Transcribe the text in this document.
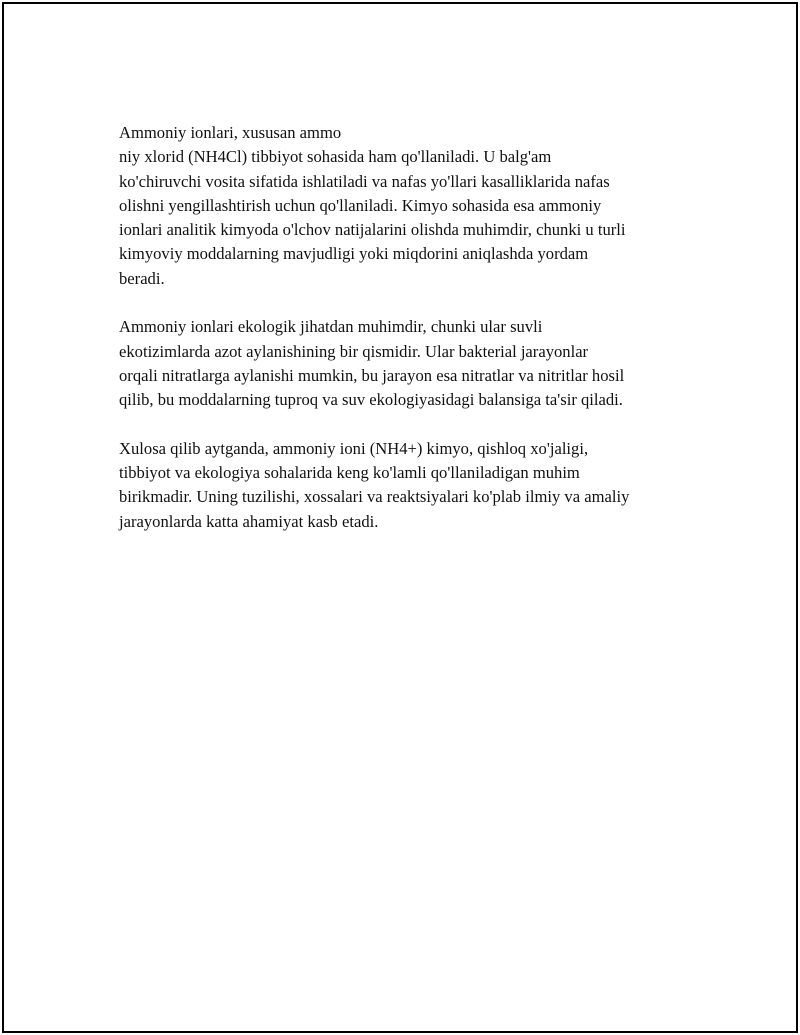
Ammoniy ionlari, xususan ammo
niy xlorid (NH4Cl) tibbiyot sohasida ham qo'llaniladi. U balg'am
ko'chiruvchi vosita sifatida ishlatiladi va nafas yo'llari kasalliklarida nafas
olishni yengillashtirish uchun qo'llaniladi. Kimyo sohasida esa ammoniy
ionlari analitik kimyoda o'lchov natijalarini olishda muhimdir, chunki u turli
kimyoviy moddalarning mavjudligi yoki miqdorini aniqlashda yordam
beradi.

Ammoniy ionlari ekologik jihatdan muhimdir, chunki ular suvli
ekotizimlarda azot aylanishining bir qismidir. Ular bakterial jarayonlar
orqali nitratlarga aylanishi mumkin, bu jarayon esa nitratlar va nitritlar hosil
qilib, bu moddalarning tuproq va suv ekologiyasidagi balansiga ta'sir qiladi.

Xulosa qilib aytganda, ammoniy ioni (NH4+) kimyo, qishloq xo'jaligi,
tibbiyot va ekologiya sohalarida keng ko'lamli qo'llaniladigan muhim
birikmadir. Uning tuzilishi, xossalari va reaktsiyalari ko'plab ilmiy va amaliy
jarayonlarda katta ahamiyat kasb etadi.
